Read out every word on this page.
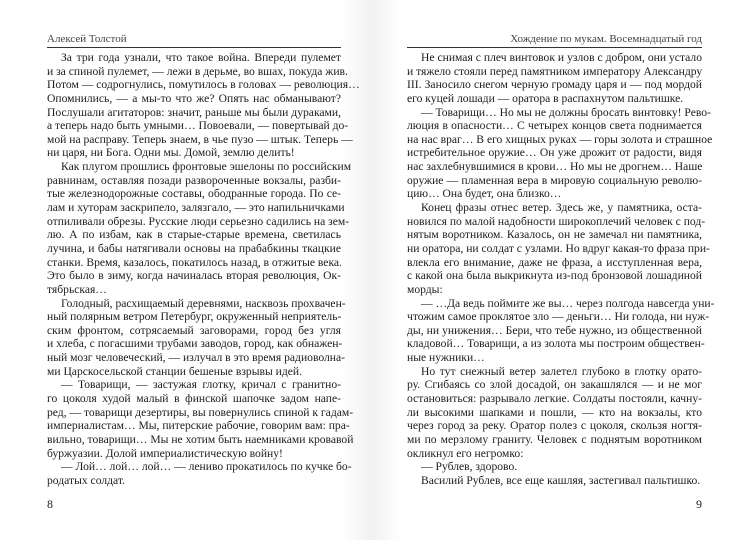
Алексей Толстой
За три года узнали, что такое война. Впереди пулемет
и за спиной пулемет, — лежи в дерьме, во вшах, покуда жив.
Потом — содрогнулись, помутилось в головах — революция…
Опомнились, — а мы-то что же? Опять нас обманывают?
Послушали агитаторов: значит, раньше мы были дураками,
а теперь надо быть умными… Повоевали, — повертывай до-
мой на расправу. Теперь знаем, в чье пузо — штык. Теперь —
ни царя, ни Бога. Одни мы. Домой, землю делить!
Как плугом прошлись фронтовые эшелоны по российским
равнинам, оставляя позади развороченные вокзалы, разби-
тые железнодорожные составы, ободранные города. По се-
лам и хуторам заскрипело, залязгало, — это напильничками
отпиливали обрезы. Русские люди серьезно садились на зем-
лю. А по избам, как в старые-старые времена, светилась
лучина, и бабы натягивали основы на прабабкины ткацкие
станки. Время, казалось, покатилось назад, в отжитые века.
Это было в зиму, когда начиналась вторая революция, Ок-
тябрьская…
Голодный, расхищаемый деревнями, насквозь прохвачен-
ный полярным ветром Петербург, окруженный неприятель-
ским фронтом, сотрясаемый заговорами, город без угля
и хлеба, с погасшими трубами заводов, город, как обнажен-
ный мозг человеческий, — излучал в это время радиоволна-
ми Царскосельской станции бешеные взрывы идей.
— Товарищи, — застужая глотку, кричал с гранитно-
го цоколя худой малый в финской шапочке задом напе-
ред, — товарищи дезертиры, вы повернулись спиной к гадам-
империалистам… Мы, питерские рабочие, говорим вам: пра-
вильно, товарищи… Мы не хотим быть наемниками кровавой
буржуазии. Долой империалистическую войну!
— Лой… лой… лой… — лениво прокатилось по кучке бо-
родатых солдат.
8
Хождение по мукам. Восемнадцатый год
Не снимая с плеч винтовок и узлов с добром, они устало
и тяжело стояли перед памятником императору Александру
III. Заносило снегом черную громаду царя и — под мордой
его куцей лошади — оратора в распахнутом пальтишке.
— Товарищи… Но мы не должны бросать винтовку! Рево-
люция в опасности… С четырех концов света поднимается
на нас враг… В его хищных руках — горы золота и страшное
истребительное оружие… Он уже дрожит от радости, видя
нас захлебнувшимися в крови… Но мы не дрогнем… Наше
оружие — пламенная вера в мировую социальную револю-
цию… Она будет, она близко…
Конец фразы отнес ветер. Здесь же, у памятника, оста-
новился по малой надобности широкоплечий человек с под-
нятым воротником. Казалось, он не замечал ни памятника,
ни оратора, ни солдат с узлами. Но вдруг какая-то фраза при-
влекла его внимание, даже не фраза, а исступленная вера,
с какой она была выкрикнута из-под бронзовой лошадиной
морды:
— …Да ведь поймите же вы… через полгода навсегда уни-
чтожим самое проклятое зло — деньги… Ни голода, ни нуж-
ды, ни унижения… Бери, что тебе нужно, из общественной
кладовой… Товарищи, а из золота мы построим обществен-
ные нужники…
Но тут снежный ветер залетел глубоко в глотку орато-
ру. Сгибаясь со злой досадой, он закашлялся — и не мог
остановиться: разрывало легкие. Солдаты постояли, качну-
ли высокими шапками и пошли, — кто на вокзалы, кто
через город за реку. Оратор полез с цоколя, скользя ногтя-
ми по мерзлому граниту. Человек с поднятым воротником
окликнул его негромко:
— Рублев, здорово.
Василий Рублев, все еще кашляя, застегивал пальтишко.
9
